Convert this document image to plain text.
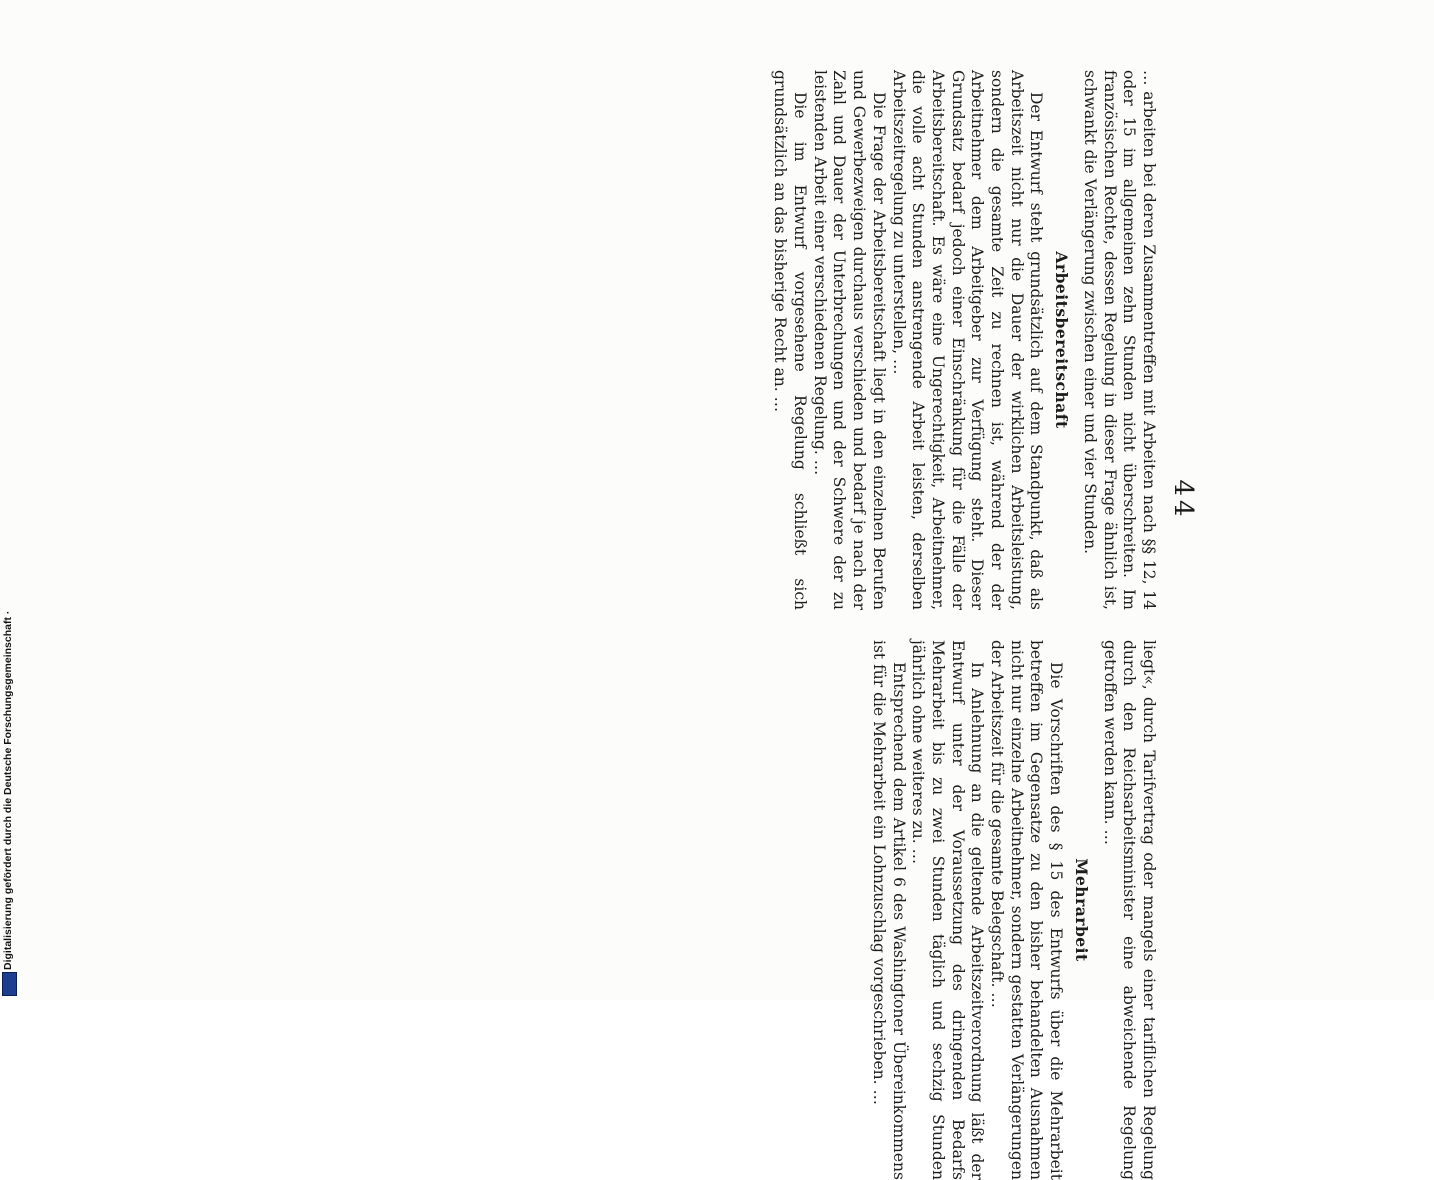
44

… arbeiten bei deren Zusammentreffen mit Arbeiten nach §§ 12, 14 oder 15 im allgemeinen zehn Stunden nicht überschreiten. Im französischen Rechte, dessen Regelung in dieser Frage ähnlich ist, schwankt die Verlängerung zwischen einer und vier Stunden.

Arbeitsbereitschaft

Der Entwurf steht grundsätzlich auf dem Standpunkt, daß als Arbeitszeit nicht nur die Dauer der wirklichen Arbeitsleistung, sondern die gesamte Zeit zu rechnen ist, während der der Arbeitnehmer dem Arbeitgeber zur Verfügung steht. Dieser Grundsatz bedarf jedoch einer Einschränkung für die Fälle der Arbeitsbereitschaft. Es wäre eine Ungerechtigkeit, Arbeitnehmer, die volle acht Stunden anstrengende Arbeit leisten, derselben Arbeitszeitregelung zu unterstellen, …

Die Frage der Arbeitsbereitschaft liegt in den einzelnen Berufen und Gewerbezweigen durchaus verschieden und bedarf je nach der Zahl und Dauer der Unterbrechungen und der Schwere der zu leistenden Arbeit einer verschiedenen Regelung. …

Die im Entwurf vorgesehene Regelung schließt sich grundsätzlich an das bisherige Recht an. …

liegt«, durch Tarifvertrag oder mangels einer tariflichen Regelung durch den Reichsarbeitsminister eine abweichende Regelung getroffen werden kann. …

Mehrarbeit

Die Vorschriften des § 15 des Entwurfs über die Mehrarbeit betreffen im Gegensatze zu den bisher behandelten Ausnahmen nicht nur einzelne Arbeitnehmer, sondern gestatten Verlängerungen der Arbeitszeit für die gesamte Belegschaft. …

In Anlehnung an die geltende Arbeitszeitverordnung läßt der Entwurf unter der Voraussetzung des dringenden Bedarfs Mehrarbeit bis zu zwei Stunden täglich und sechzig Stunden jährlich ohne weiteres zu. …

Entsprechend dem Artikel 6 des Washingtoner Übereinkommens ist für die Mehrarbeit ein Lohnzuschlag vorgeschrieben. …

Digitalisierung gefördert durch die Deutsche Forschungsgemeinschaft ·
